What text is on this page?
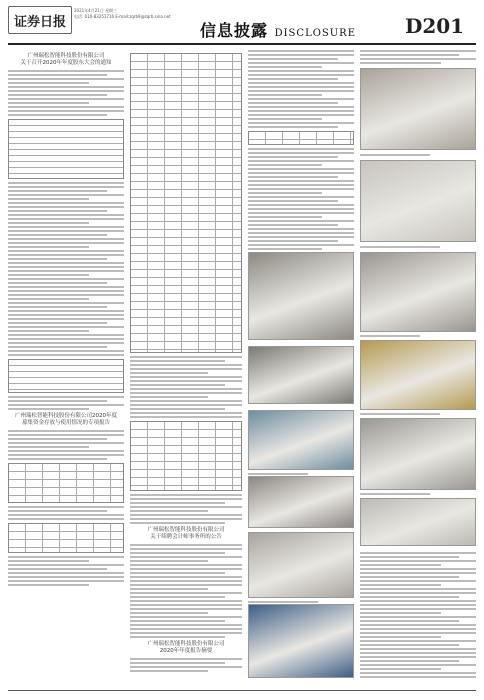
证券日报
2021年4月21日 星期三
电话: 010-83251716 E-mail:zqrb9@zqrb.sina.net
信息披露 DISCLOSURE D201
广州瑞松智能科技股份有限公司
关于召开2020年年度股东大会的通知
广州瑞松智能科技股份有限公司2020年度
募集资金存放与使用情况的专项报告
广州瑞松智能科技股份有限公司
关于续聘会计师事务所的公告
广州瑞松智能科技股份有限公司
2020年年度报告摘要
